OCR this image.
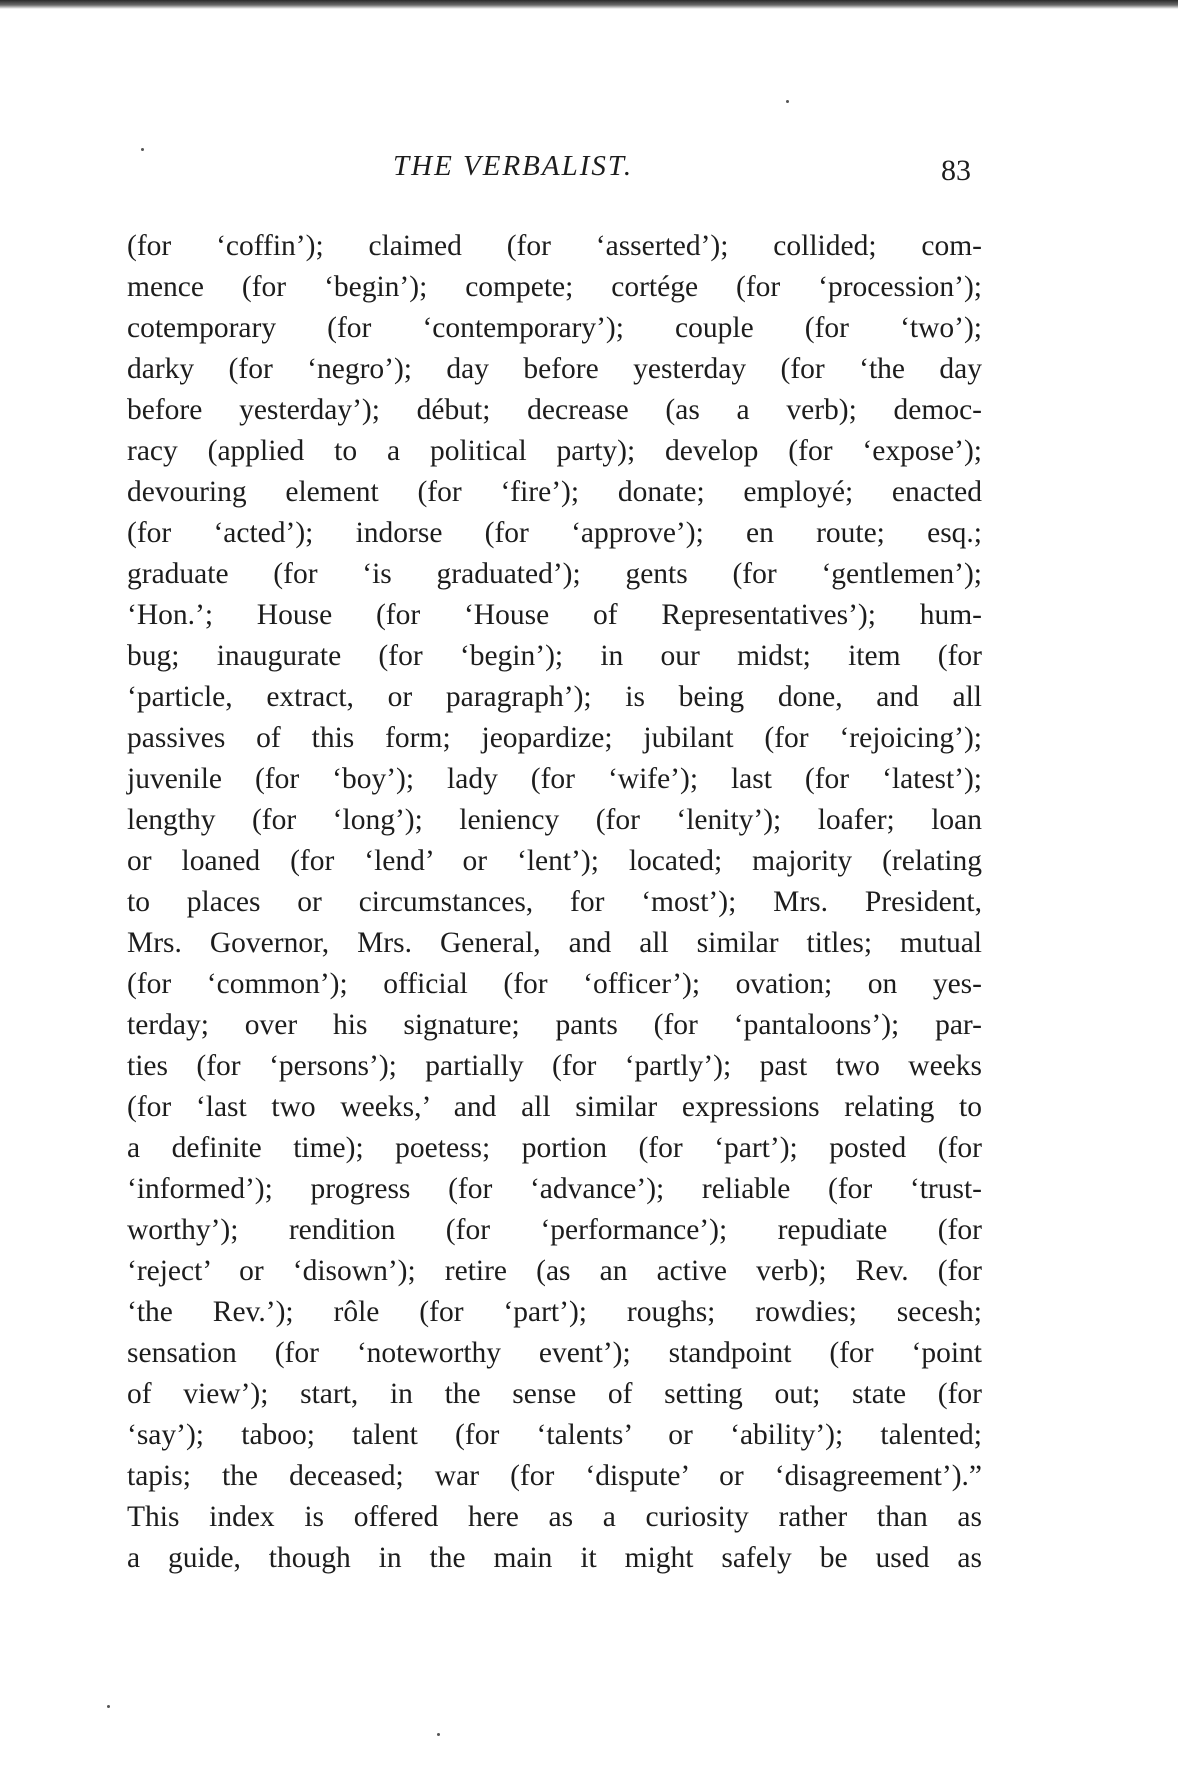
THE VERBALIST.	83
(for ‘coffin’); claimed (for ‘asserted’); collided; com-
mence (for ‘begin’); compete; cortége (for ‘procession’);
cotemporary (for ‘contemporary’); couple (for ‘two’);
darky (for ‘negro’); day before yesterday (for ‘the day
before yesterday’); début; decrease (as a verb); democ-
racy (applied to a political party); develop (for ‘expose’);
devouring element (for ‘fire’); donate; employé; enacted
(for ‘acted’); indorse (for ‘approve’); en route; esq.;
graduate (for ‘is graduated’); gents (for ‘gentlemen’);
‘Hon.’; House (for ‘House of Representatives’); hum-
bug; inaugurate (for ‘begin’); in our midst; item (for
‘particle, extract, or paragraph’); is being done, and all
passives of this form; jeopardize; jubilant (for ‘rejoicing’);
juvenile (for ‘boy’); lady (for ‘wife’); last (for ‘latest’);
lengthy (for ‘long’); leniency (for ‘lenity’); loafer; loan
or loaned (for ‘lend’ or ‘lent’); located; majority (relating
to places or circumstances, for ‘most’); Mrs. President,
Mrs. Governor, Mrs. General, and all similar titles; mutual
(for ‘common’); official (for ‘officer’); ovation; on yes-
terday; over his signature; pants (for ‘pantaloons’); par-
ties (for ‘persons’); partially (for ‘partly’); past two weeks
(for ‘last two weeks,’ and all similar expressions relating to
a definite time); poetess; portion (for ‘part’); posted (for
‘informed’); progress (for ‘advance’); reliable (for ‘trust-
worthy’); rendition (for ‘performance’); repudiate (for
‘reject’ or ‘disown’); retire (as an active verb); Rev. (for
‘the Rev.’); rôle (for ‘part’); roughs; rowdies; secesh;
sensation (for ‘noteworthy event’); standpoint (for ‘point
of view’); start, in the sense of setting out; state (for
‘say’); taboo; talent (for ‘talents’ or ‘ability’); talented;
tapis; the deceased; war (for ‘dispute’ or ‘disagreement’).”
This index is offered here as a curiosity rather than as
a guide, though in the main it might safely be used as
